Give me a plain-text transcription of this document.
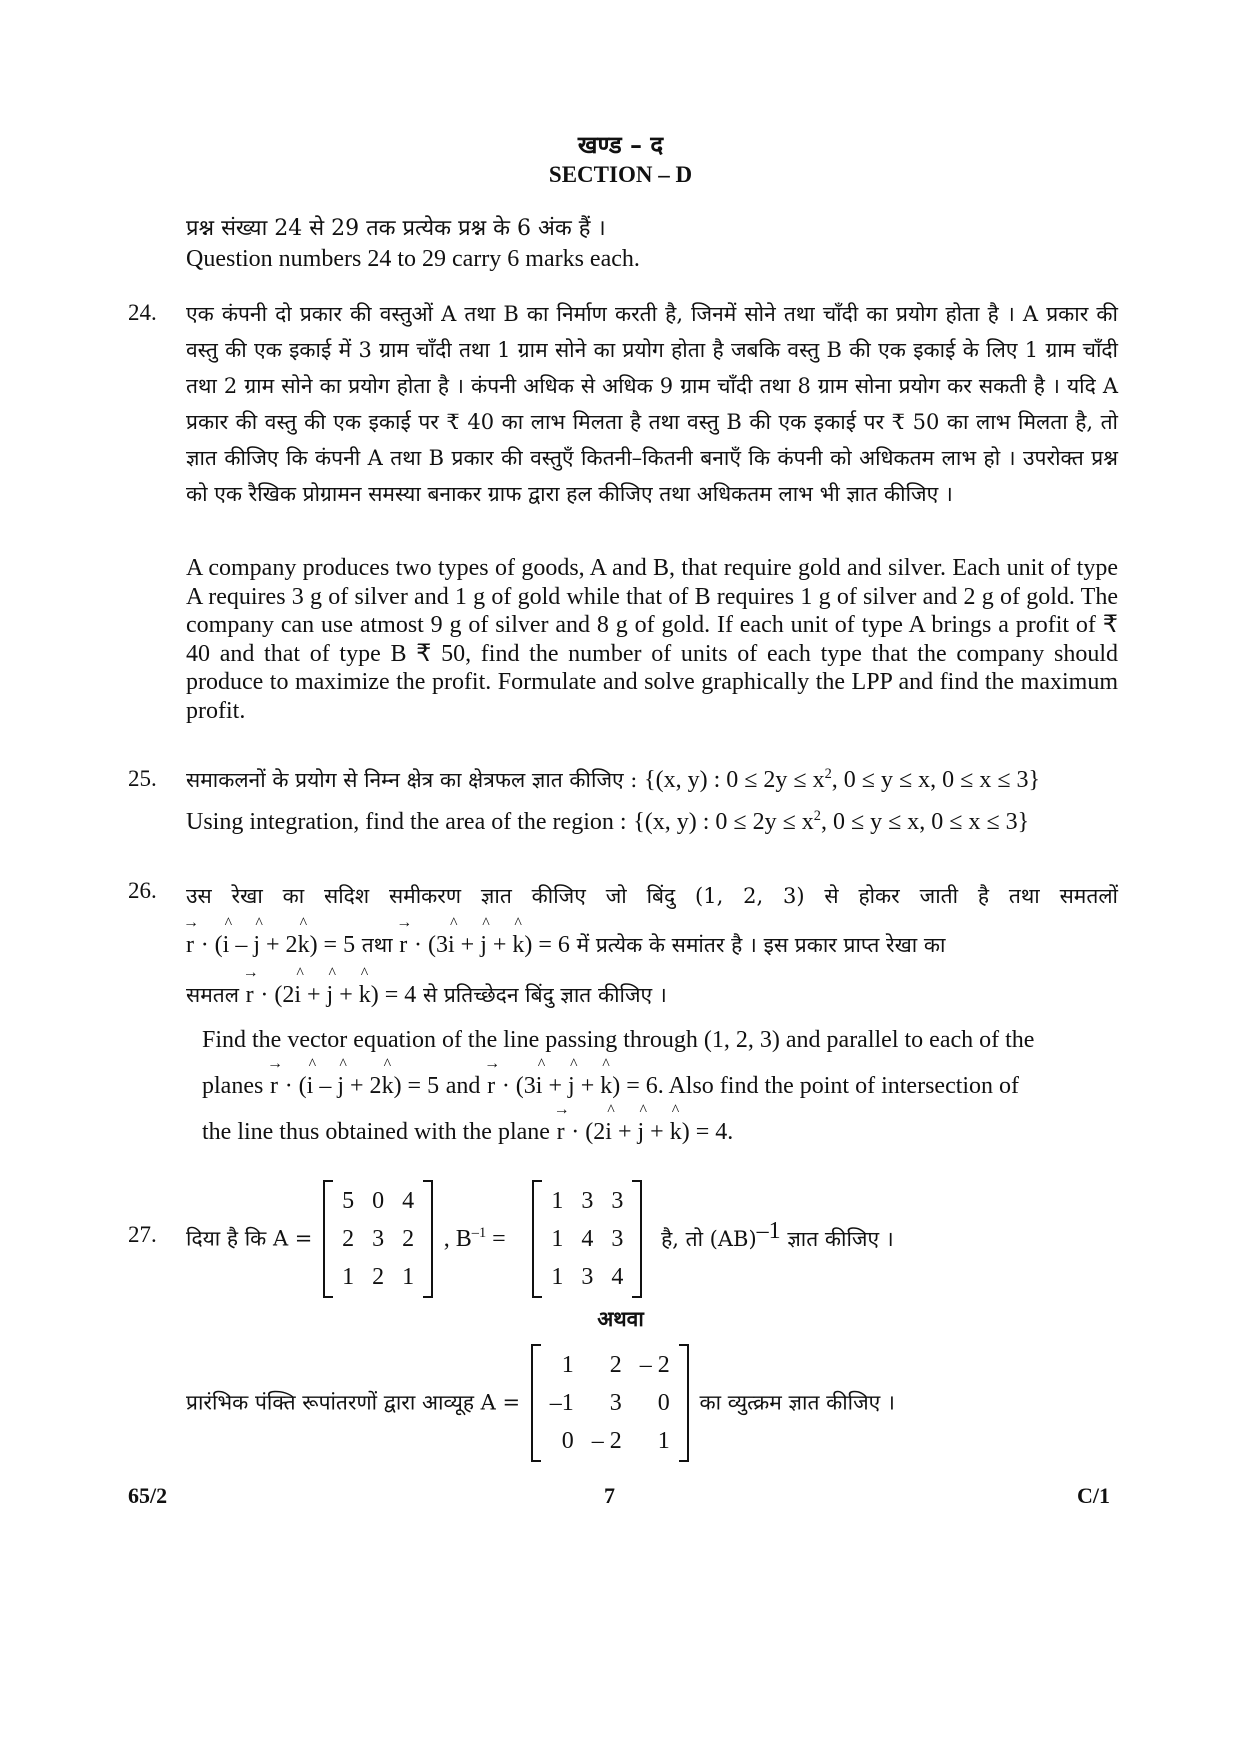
खण्ड – द
SECTION – D
प्रश्न संख्या 24 से 29 तक प्रत्येक प्रश्न के 6 अंक हैं ।
Question numbers 24 to 29 carry 6 marks each.
24. एक कंपनी दो प्रकार की वस्तुओं A तथा B का निर्माण करती है, जिनमें सोने तथा चाँदी का प्रयोग होता है । A प्रकार की वस्तु की एक इकाई में 3 ग्राम चाँदी तथा 1 ग्राम सोने का प्रयोग होता है जबकि वस्तु B की एक इकाई के लिए 1 ग्राम चाँदी तथा 2 ग्राम सोने का प्रयोग होता है । कंपनी अधिक से अधिक 9 ग्राम चाँदी तथा 8 ग्राम सोना प्रयोग कर सकती है । यदि A प्रकार की वस्तु की एक इकाई पर ₹ 40 का लाभ मिलता है तथा वस्तु B की एक इकाई पर ₹ 50 का लाभ मिलता है, तो ज्ञात कीजिए कि कंपनी A तथा B प्रकार की वस्तुएँ कितनी–कितनी बनाएँ कि कंपनी को अधिकतम लाभ हो । उपरोक्त प्रश्न को एक रैखिक प्रोग्रामन समस्या बनाकर ग्राफ द्वारा हल कीजिए तथा अधिकतम लाभ भी ज्ञात कीजिए ।
A company produces two types of goods, A and B, that require gold and silver. Each unit of type A requires 3 g of silver and 1 g of gold while that of B requires 1 g of silver and 2 g of gold. The company can use atmost 9 g of silver and 8 g of gold. If each unit of type A brings a profit of ₹ 40 and that of type B ₹ 50, find the number of units of each type that the company should produce to maximize the profit. Formulate and solve graphically the LPP and find the maximum profit.
25. समाकलनों के प्रयोग से निम्न क्षेत्र का क्षेत्रफल ज्ञात कीजिए : {(x, y) : $0 \le 2y \le x^2$, 0 ≤ y ≤ x, 0 ≤ x ≤ 3}
Using integration, find the area of the region : {(x, y) : $0 \le 2y \le x^2$, 0 ≤ y ≤ x, 0 ≤ x ≤ 3}
26. उस रेखा का सदिश समीकरण ज्ञात कीजिए जो बिंदु (1, 2, 3) से होकर जाती है तथा समतलों
→ r · (^ i – ^ j + 2^ k) = 5 तथा → r · (3^ i + ^ j + ^ k) = 6 में प्रत्येक के समांतर है । इस प्रकार प्राप्त रेखा का
समतल → r · (2^ i + ^ j + ^ k) = 4 से प्रतिच्छेदन बिंदु ज्ञात कीजिए ।
Find the vector equation of the line passing through (1, 2, 3) and parallel to each of the
planes → r · (^ i – ^ j + 2^ k) = 5 and → r · (3^ i + ^ j + ^ k) = 6. Also find the point of intersection of
the line thus obtained with the plane → r · (2^ i + ^ j + ^ k) = 4.
27. दिया है कि A =
5	0	4
2	3	2
1	2	1
, $B^{-1}$ =
1	3	3
1	4	3
1	3	4
है, तो (AB)$^{-1}$ ज्ञात कीजिए ।
अथवा
प्रारंभिक पंक्ति रूपांतरणों द्वारा आव्यूह A =
1	2	– 2
–1	3	0
0	– 2	1
का व्युत्क्रम ज्ञात कीजिए ।
65/2	7	C/1
